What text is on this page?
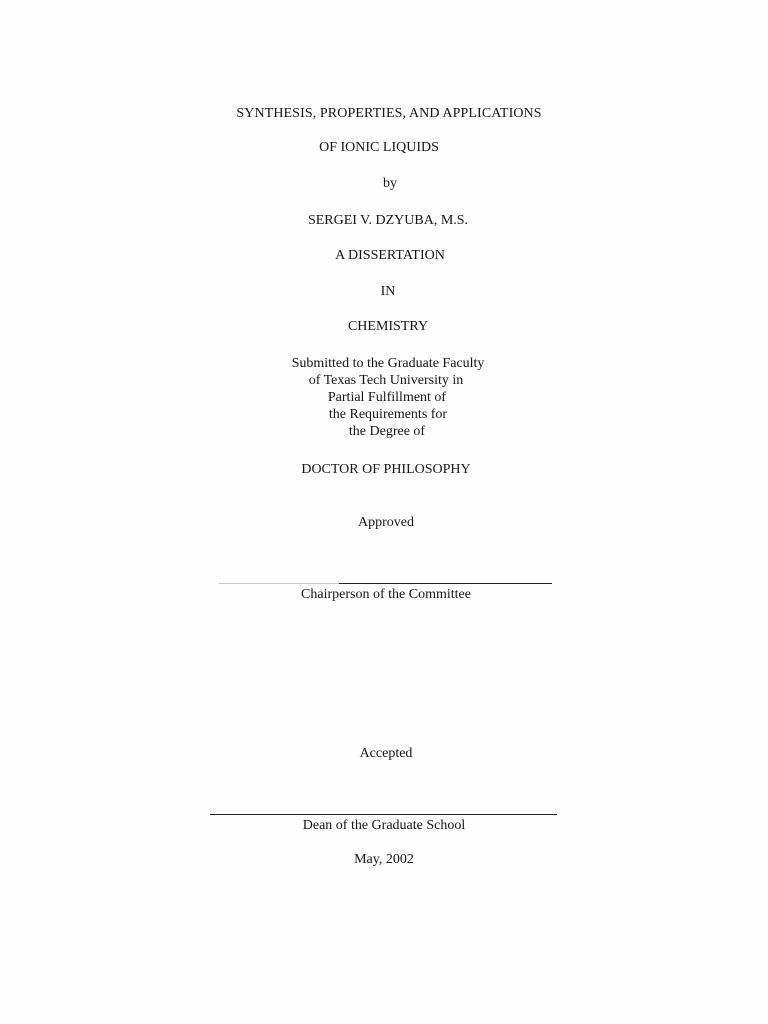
SYNTHESIS, PROPERTIES, AND APPLICATIONS
OF IONIC LIQUIDS
by
SERGEI V. DZYUBA, M.S.
A DISSERTATION
IN
CHEMISTRY
Submitted to the Graduate Faculty
of Texas Tech University in
Partial Fulfillment of
the Requirements for
the Degree of
DOCTOR OF PHILOSOPHY
Approved
Chairperson of the Committee
Accepted
Dean of the Graduate School
May, 2002
